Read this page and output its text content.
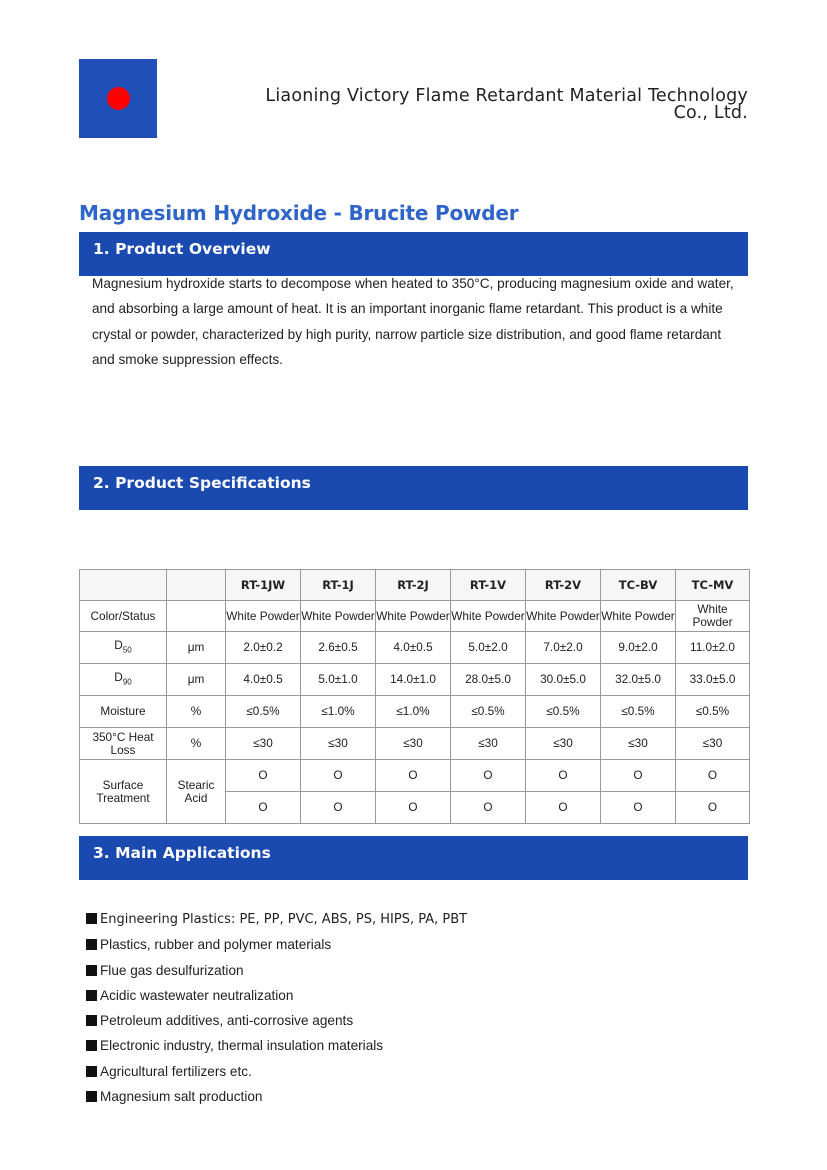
Liaoning Victory Flame Retardant Material Technology
Co., Ltd.
Magnesium Hydroxide - Brucite Powder
1. Product Overview

Magnesium hydroxide starts to decompose when heated to 350°C, producing magnesium oxide and water, and absorbing a large amount of heat. It is an important inorganic flame retardant. This product is a white crystal or powder, characterized by high purity, narrow particle size distribution, and good flame retardant and smoke suppression effects.

2. Product Specifications
		RT-1JW	RT-1J	RT-2J	RT-1V	RT-2V	TC-BV	TC-MV
Color/Status		White Powder	White Powder	White Powder	White Powder	White Powder	White Powder	White Powder
$D_{50}$	μm	2.0±0.2	2.6±0.5	4.0±0.5	5.0±2.0	7.0±2.0	9.0±2.0	11.0±2.0
$D_{90}$	μm	4.0±0.5	5.0±1.0	14.0±1.0	28.0±5.0	30.0±5.0	32.0±5.0	33.0±5.0
Moisture	%	≤0.5%	≤1.0%	≤1.0%	≤0.5%	≤0.5%	≤0.5%	≤0.5%
350°C Heat Loss	%	≤30	≤30	≤30	≤30	≤30	≤30	≤30
Surface Treatment	Stearic Acid	O	O	O	O	O	O	O
		O	O	O	O	O	O	O
3. Main Applications
Engineering Plastics: PE, PP, PVC, ABS, PS, HIPS, PA, PBT
Plastics, rubber and polymer materials
Flue gas desulfurization
Acidic wastewater neutralization
Petroleum additives, anti-corrosive agents
Electronic industry, thermal insulation materials
Agricultural fertilizers etc.
Magnesium salt production
